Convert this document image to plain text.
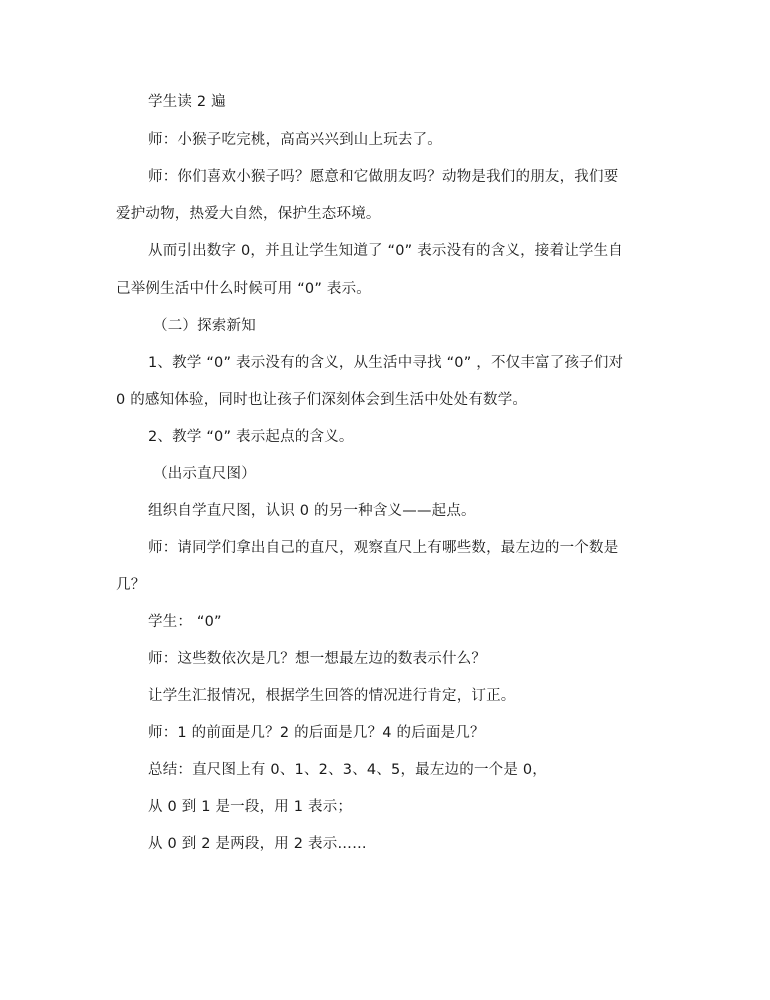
学生读 2 遍
师：小猴子吃完桃，高高兴兴到山上玩去了。
师：你们喜欢小猴子吗？愿意和它做朋友吗？动物是我们的朋友，我们要
爱护动物，热爱大自然，保护生态环境。
从而引出数字 0，并且让学生知道了 “0” 表示没有的含义，接着让学生自
己举例生活中什么时候可用 “0” 表示。
（二）探索新知
1、教学 “0” 表示没有的含义，从生活中寻找 “0” ，不仅丰富了孩子们对
0 的感知体验，同时也让孩子们深刻体会到生活中处处有数学。
2、教学 “0” 表示起点的含义。
（出示直尺图）
组织自学直尺图，认识 0 的另一种含义——起点。
师：请同学们拿出自己的直尺，观察直尺上有哪些数，最左边的一个数是
几？
学生： “0”
师：这些数依次是几？想一想最左边的数表示什么？
让学生汇报情况，根据学生回答的情况进行肯定，订正。
师：1 的前面是几？2 的后面是几？4 的后面是几？
总结：直尺图上有 0、1、2、3、4、5，最左边的一个是 0，
从 0 到 1 是一段，用 1 表示；
从 0 到 2 是两段，用 2 表示……
